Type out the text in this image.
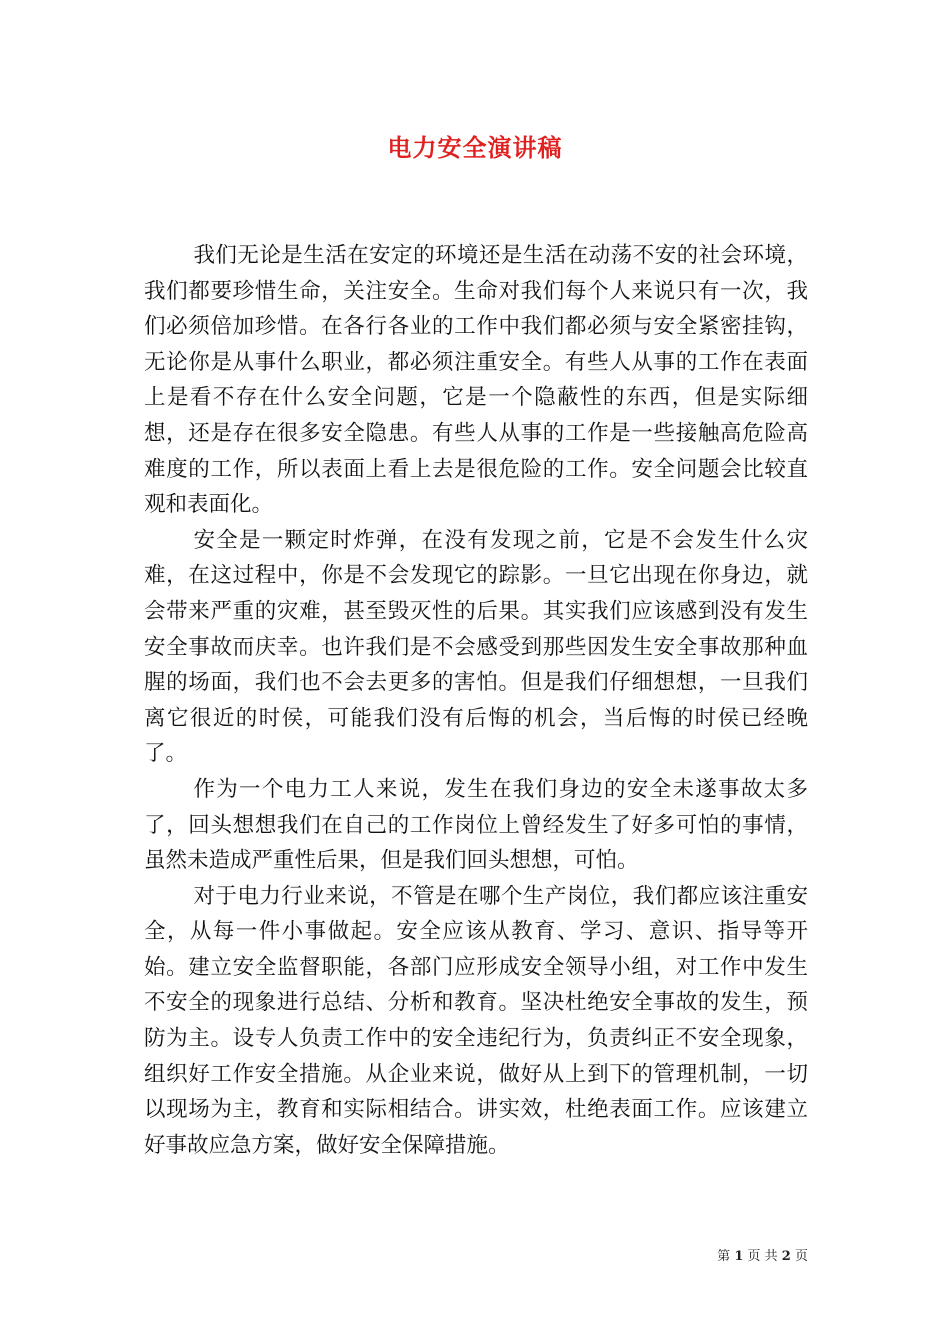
电力安全演讲稿

我们无论是生活在安定的环境还是生活在动荡不安的社会环境，我们都要珍惜生命，关注安全。生命对我们每个人来说只有一次，我们必须倍加珍惜。在各行各业的工作中我们都必须与安全紧密挂钩，无论你是从事什么职业，都必须注重安全。有些人从事的工作在表面上是看不存在什么安全问题，它是一个隐蔽性的东西，但是实际细想，还是存在很多安全隐患。有些人从事的工作是一些接触高危险高难度的工作，所以表面上看上去是很危险的工作。安全问题会比较直观和表面化。

安全是一颗定时炸弹，在没有发现之前，它是不会发生什么灾难，在这过程中，你是不会发现它的踪影。一旦它出现在你身边，就会带来严重的灾难，甚至毁灭性的后果。其实我们应该感到没有发生安全事故而庆幸。也许我们是不会感受到那些因发生安全事故那种血腥的场面，我们也不会去更多的害怕。但是我们仔细想想，一旦我们离它很近的时侯，可能我们没有后悔的机会，当后悔的时侯已经晚了。

作为一个电力工人来说，发生在我们身边的安全未遂事故太多了，回头想想我们在自己的工作岗位上曾经发生了好多可怕的事情，虽然未造成严重性后果，但是我们回头想想，可怕。

对于电力行业来说，不管是在哪个生产岗位，我们都应该注重安全，从每一件小事做起。安全应该从教育、学习、意识、指导等开始。建立安全监督职能，各部门应形成安全领导小组，对工作中发生不安全的现象进行总结、分析和教育。坚决杜绝安全事故的发生，预防为主。设专人负责工作中的安全违纪行为，负责纠正不安全现象，组织好工作安全措施。从企业来说，做好从上到下的管理机制，一切以现场为主，教育和实际相结合。讲实效，杜绝表面工作。应该建立好事故应急方案，做好安全保障措施。

第 1 页 共 2 页
